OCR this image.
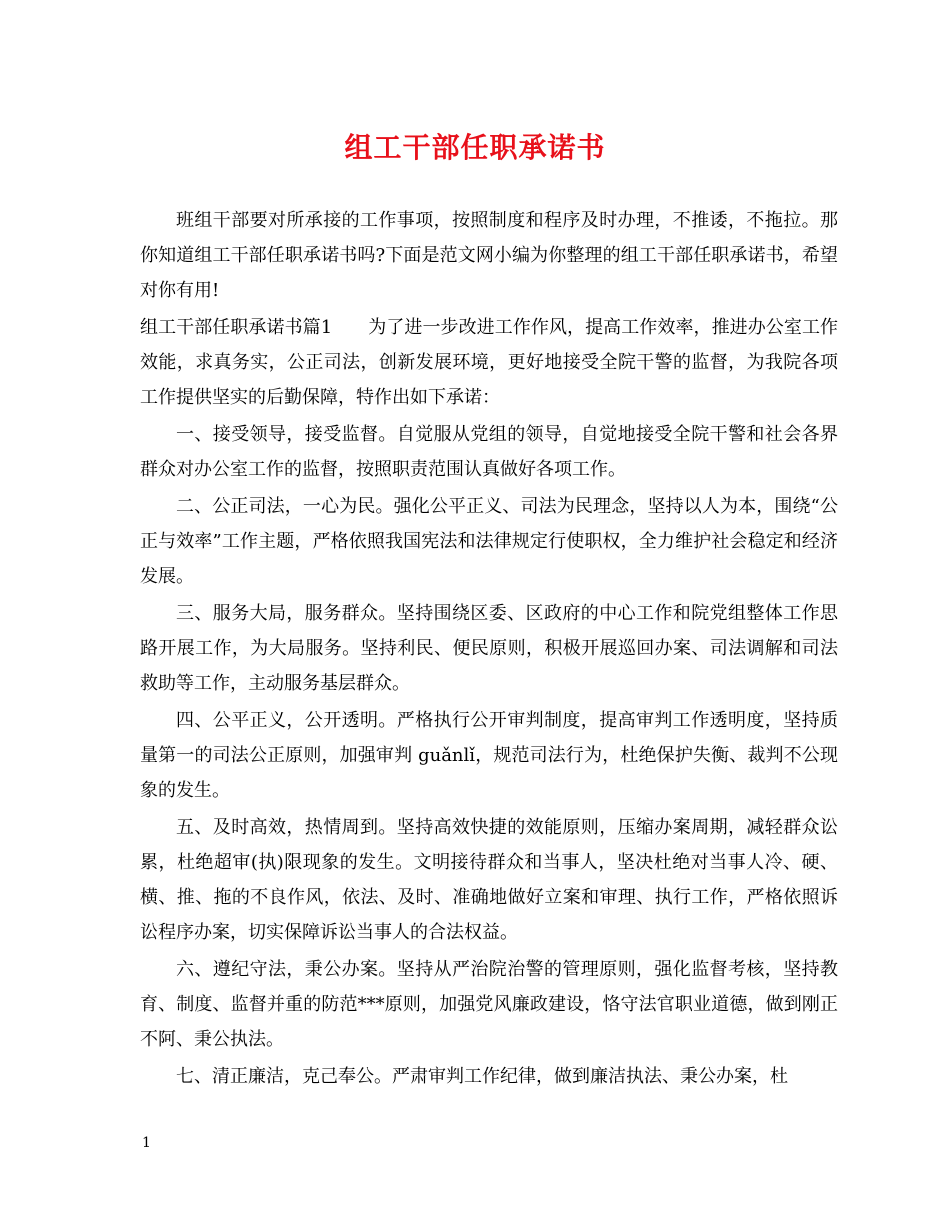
组工干部任职承诺书

班组干部要对所承接的工作事项，按照制度和程序及时办理，不推诿，不拖拉。那你知道组工干部任职承诺书吗?下面是范文网小编为你整理的组工干部任职承诺书，希望对你有用!

组工干部任职承诺书篇1 为了进一步改进工作作风，提高工作效率，推进办公室工作效能，求真务实，公正司法，创新发展环境，更好地接受全院干警的监督，为我院各项工作提供坚实的后勤保障，特作出如下承诺：

一、接受领导，接受监督。自觉服从党组的领导，自觉地接受全院干警和社会各界群众对办公室工作的监督，按照职责范围认真做好各项工作。

二、公正司法，一心为民。强化公平正义、司法为民理念，坚持以人为本，围绕“公正与效率”工作主题，严格依照我国宪法和法律规定行使职权，全力维护社会稳定和经济发展。

三、服务大局，服务群众。坚持围绕区委、区政府的中心工作和院党组整体工作思路开展工作，为大局服务。坚持利民、便民原则，积极开展巡回办案、司法调解和司法救助等工作，主动服务基层群众。

四、公平正义，公开透明。严格执行公开审判制度，提高审判工作透明度，坚持质量第一的司法公正原则，加强审判 guǎnlǐ，规范司法行为，杜绝保护失衡、裁判不公现象的发生。

五、及时高效，热情周到。坚持高效快捷的效能原则，压缩办案周期，减轻群众讼累，杜绝超审(执)限现象的发生。文明接待群众和当事人，坚决杜绝对当事人冷、硬、横、推、拖的不良作风，依法、及时、准确地做好立案和审理、执行工作，严格依照诉讼程序办案，切实保障诉讼当事人的合法权益。

六、遵纪守法，秉公办案。坚持从严治院治警的管理原则，强化监督考核，坚持教育、制度、监督并重的防范***原则，加强党风廉政建设，恪守法官职业道德，做到刚正不阿、秉公执法。

七、清正廉洁，克己奉公。严肃审判工作纪律，做到廉洁执法、秉公办案，杜

1
